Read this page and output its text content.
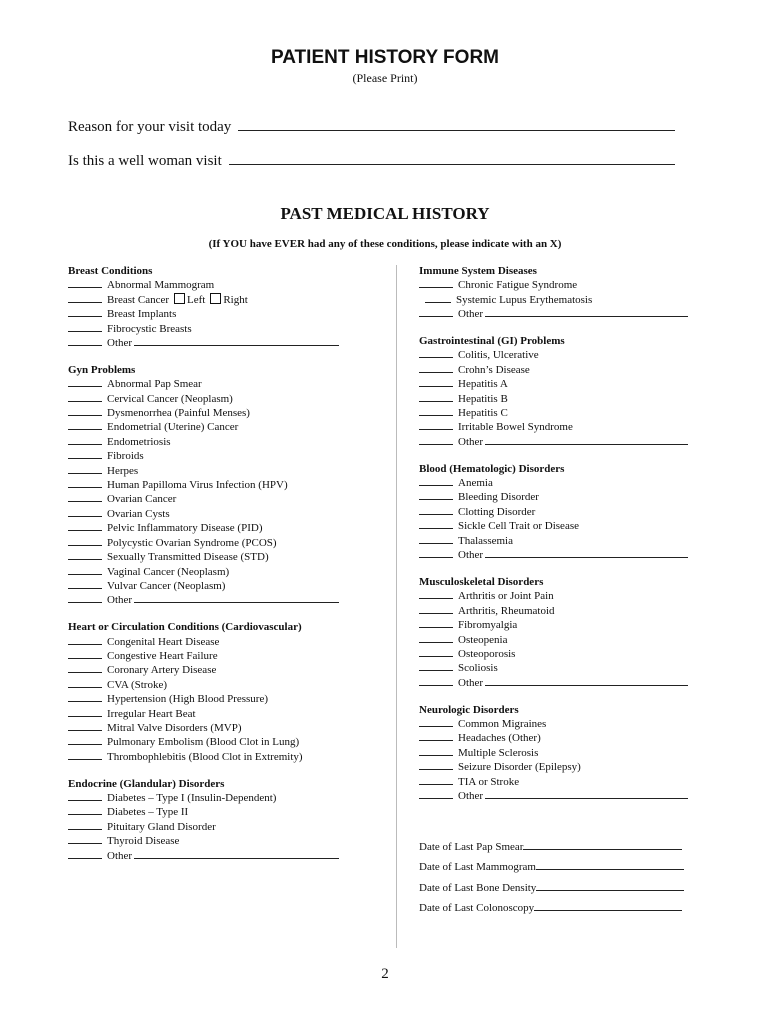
PATIENT HISTORY FORM
(Please Print)
Reason for your visit today
Is this a well woman visit
PAST MEDICAL HISTORY
(If YOU have EVER had any of these conditions, please indicate with an X)
Breast Conditions
Abnormal Mammogram
Breast Cancer Left Right
Breast Implants
Fibrocystic Breasts
Other
Gyn Problems
Abnormal Pap Smear
Cervical Cancer (Neoplasm)
Dysmenorrhea (Painful Menses)
Endometrial (Uterine) Cancer
Endometriosis
Fibroids
Herpes
Human Papilloma Virus Infection (HPV)
Ovarian Cancer
Ovarian Cysts
Pelvic Inflammatory Disease (PID)
Polycystic Ovarian Syndrome (PCOS)
Sexually Transmitted Disease (STD)
Vaginal Cancer (Neoplasm)
Vulvar Cancer (Neoplasm)
Other
Heart or Circulation Conditions (Cardiovascular)
Congenital Heart Disease
Congestive Heart Failure
Coronary Artery Disease
CVA (Stroke)
Hypertension (High Blood Pressure)
Irregular Heart Beat
Mitral Valve Disorders (MVP)
Pulmonary Embolism (Blood Clot in Lung)
Thrombophlebitis (Blood Clot in Extremity)
Endocrine (Glandular) Disorders
Diabetes – Type I (Insulin-Dependent)
Diabetes – Type II
Pituitary Gland Disorder
Thyroid Disease
Other
Immune System Diseases
Chronic Fatigue Syndrome
Systemic Lupus Erythematosis
Other
Gastrointestinal (GI) Problems
Colitis, Ulcerative
Crohn’s Disease
Hepatitis A
Hepatitis B
Hepatitis C
Irritable Bowel Syndrome
Other
Blood (Hematologic) Disorders
Anemia
Bleeding Disorder
Clotting Disorder
Sickle Cell Trait or Disease
Thalassemia
Other
Musculoskeletal Disorders
Arthritis or Joint Pain
Arthritis, Rheumatoid
Fibromyalgia
Osteopenia
Osteoporosis
Scoliosis
Other
Neurologic Disorders
Common Migraines
Headaches (Other)
Multiple Sclerosis
Seizure Disorder (Epilepsy)
TIA or Stroke
Other
Date of Last Pap Smear
Date of Last Mammogram
Date of Last Bone Density
Date of Last Colonoscopy
2
